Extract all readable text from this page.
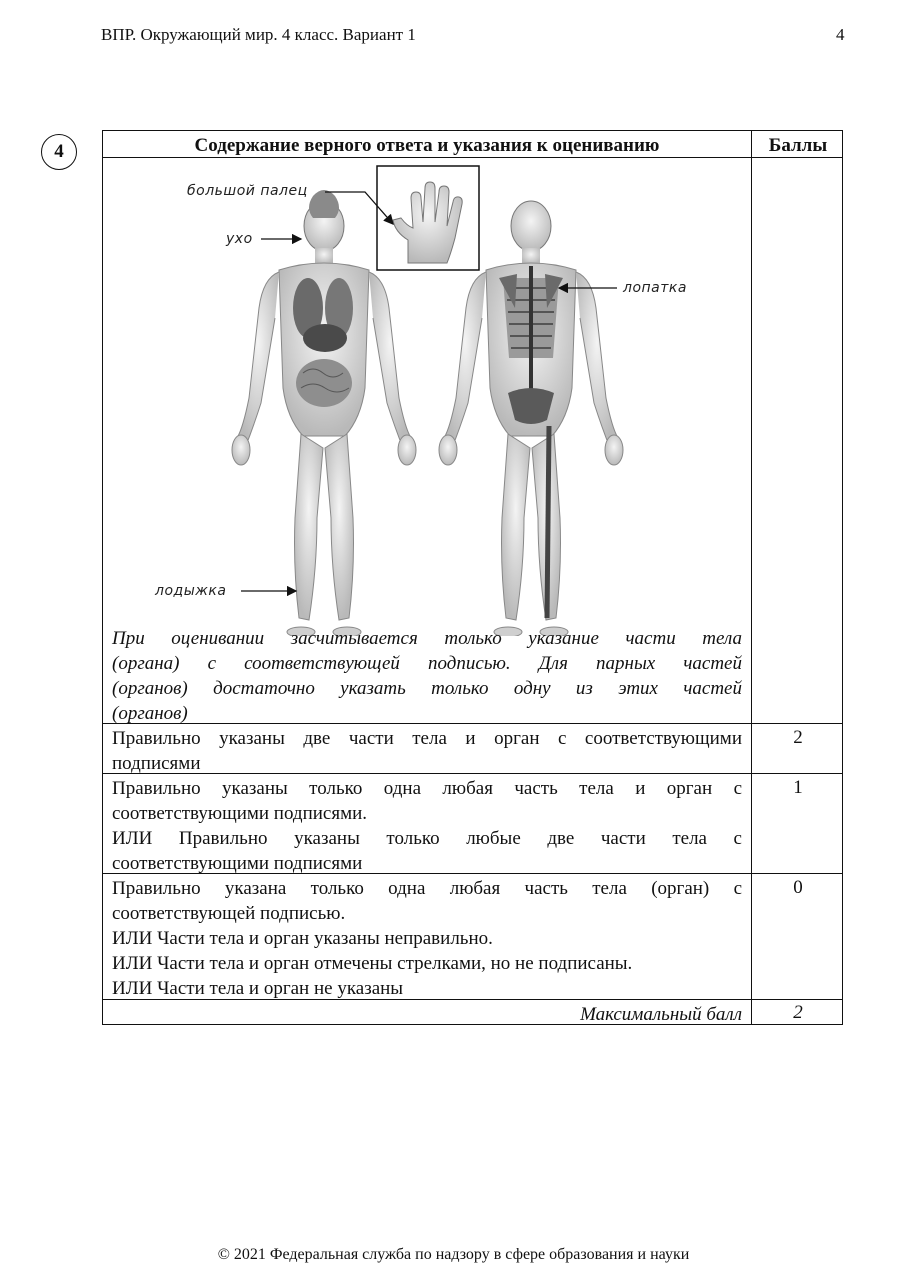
ВПР. Окружающий мир. 4 класс. Вариант 1	4
4	Содержание верного ответа и указания к оцениванию	Баллы
большой палец
ухо
лопатка
лодыжка
При оценивании засчитывается только указание части тела
(органа) с соответствующей подписью. Для парных частей
(органов) достаточно указать только одну из этих частей
(органов)
Правильно указаны две части тела и орган с соответствующими
подписями
2
Правильно указаны только одна любая часть тела и орган с
соответствующими подписями.
ИЛИ Правильно указаны только любые две части тела с
соответствующими подписями
1
Правильно указана только одна любая часть тела (орган) с
соответствующей подписью.
ИЛИ Части тела и орган указаны неправильно.
ИЛИ Части тела и орган отмечены стрелками, но не подписаны.
ИЛИ Части тела и орган не указаны
0
Максимальный балл	2
© 2021 Федеральная служба по надзору в сфере образования и науки
